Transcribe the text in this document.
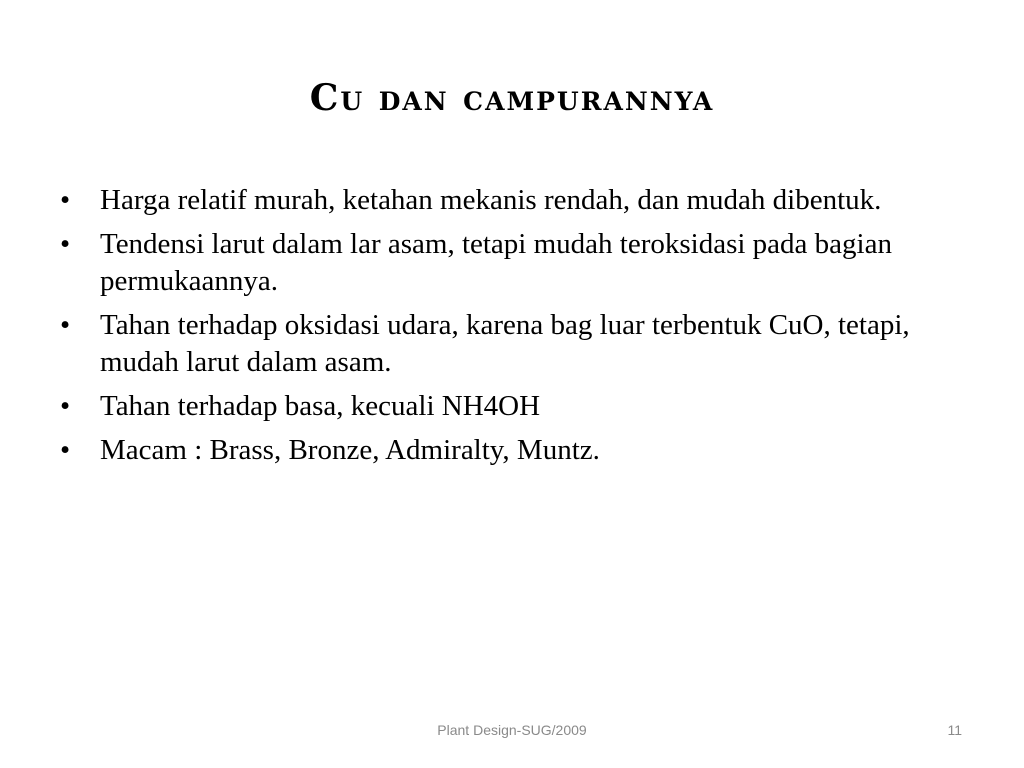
Cu dan campurannya
•	Harga relatif murah, ketahan mekanis rendah, dan mudah dibentuk.
•	Tendensi larut dalam lar asam, tetapi mudah teroksidasi pada bagian permukaannya.
•	Tahan terhadap oksidasi udara, karena bag luar terbentuk CuO, tetapi, mudah larut dalam asam.
•	Tahan terhadap basa, kecuali NH4OH
•	Macam : Brass, Bronze, Admiralty, Muntz.
Plant Design-SUG/2009	11
